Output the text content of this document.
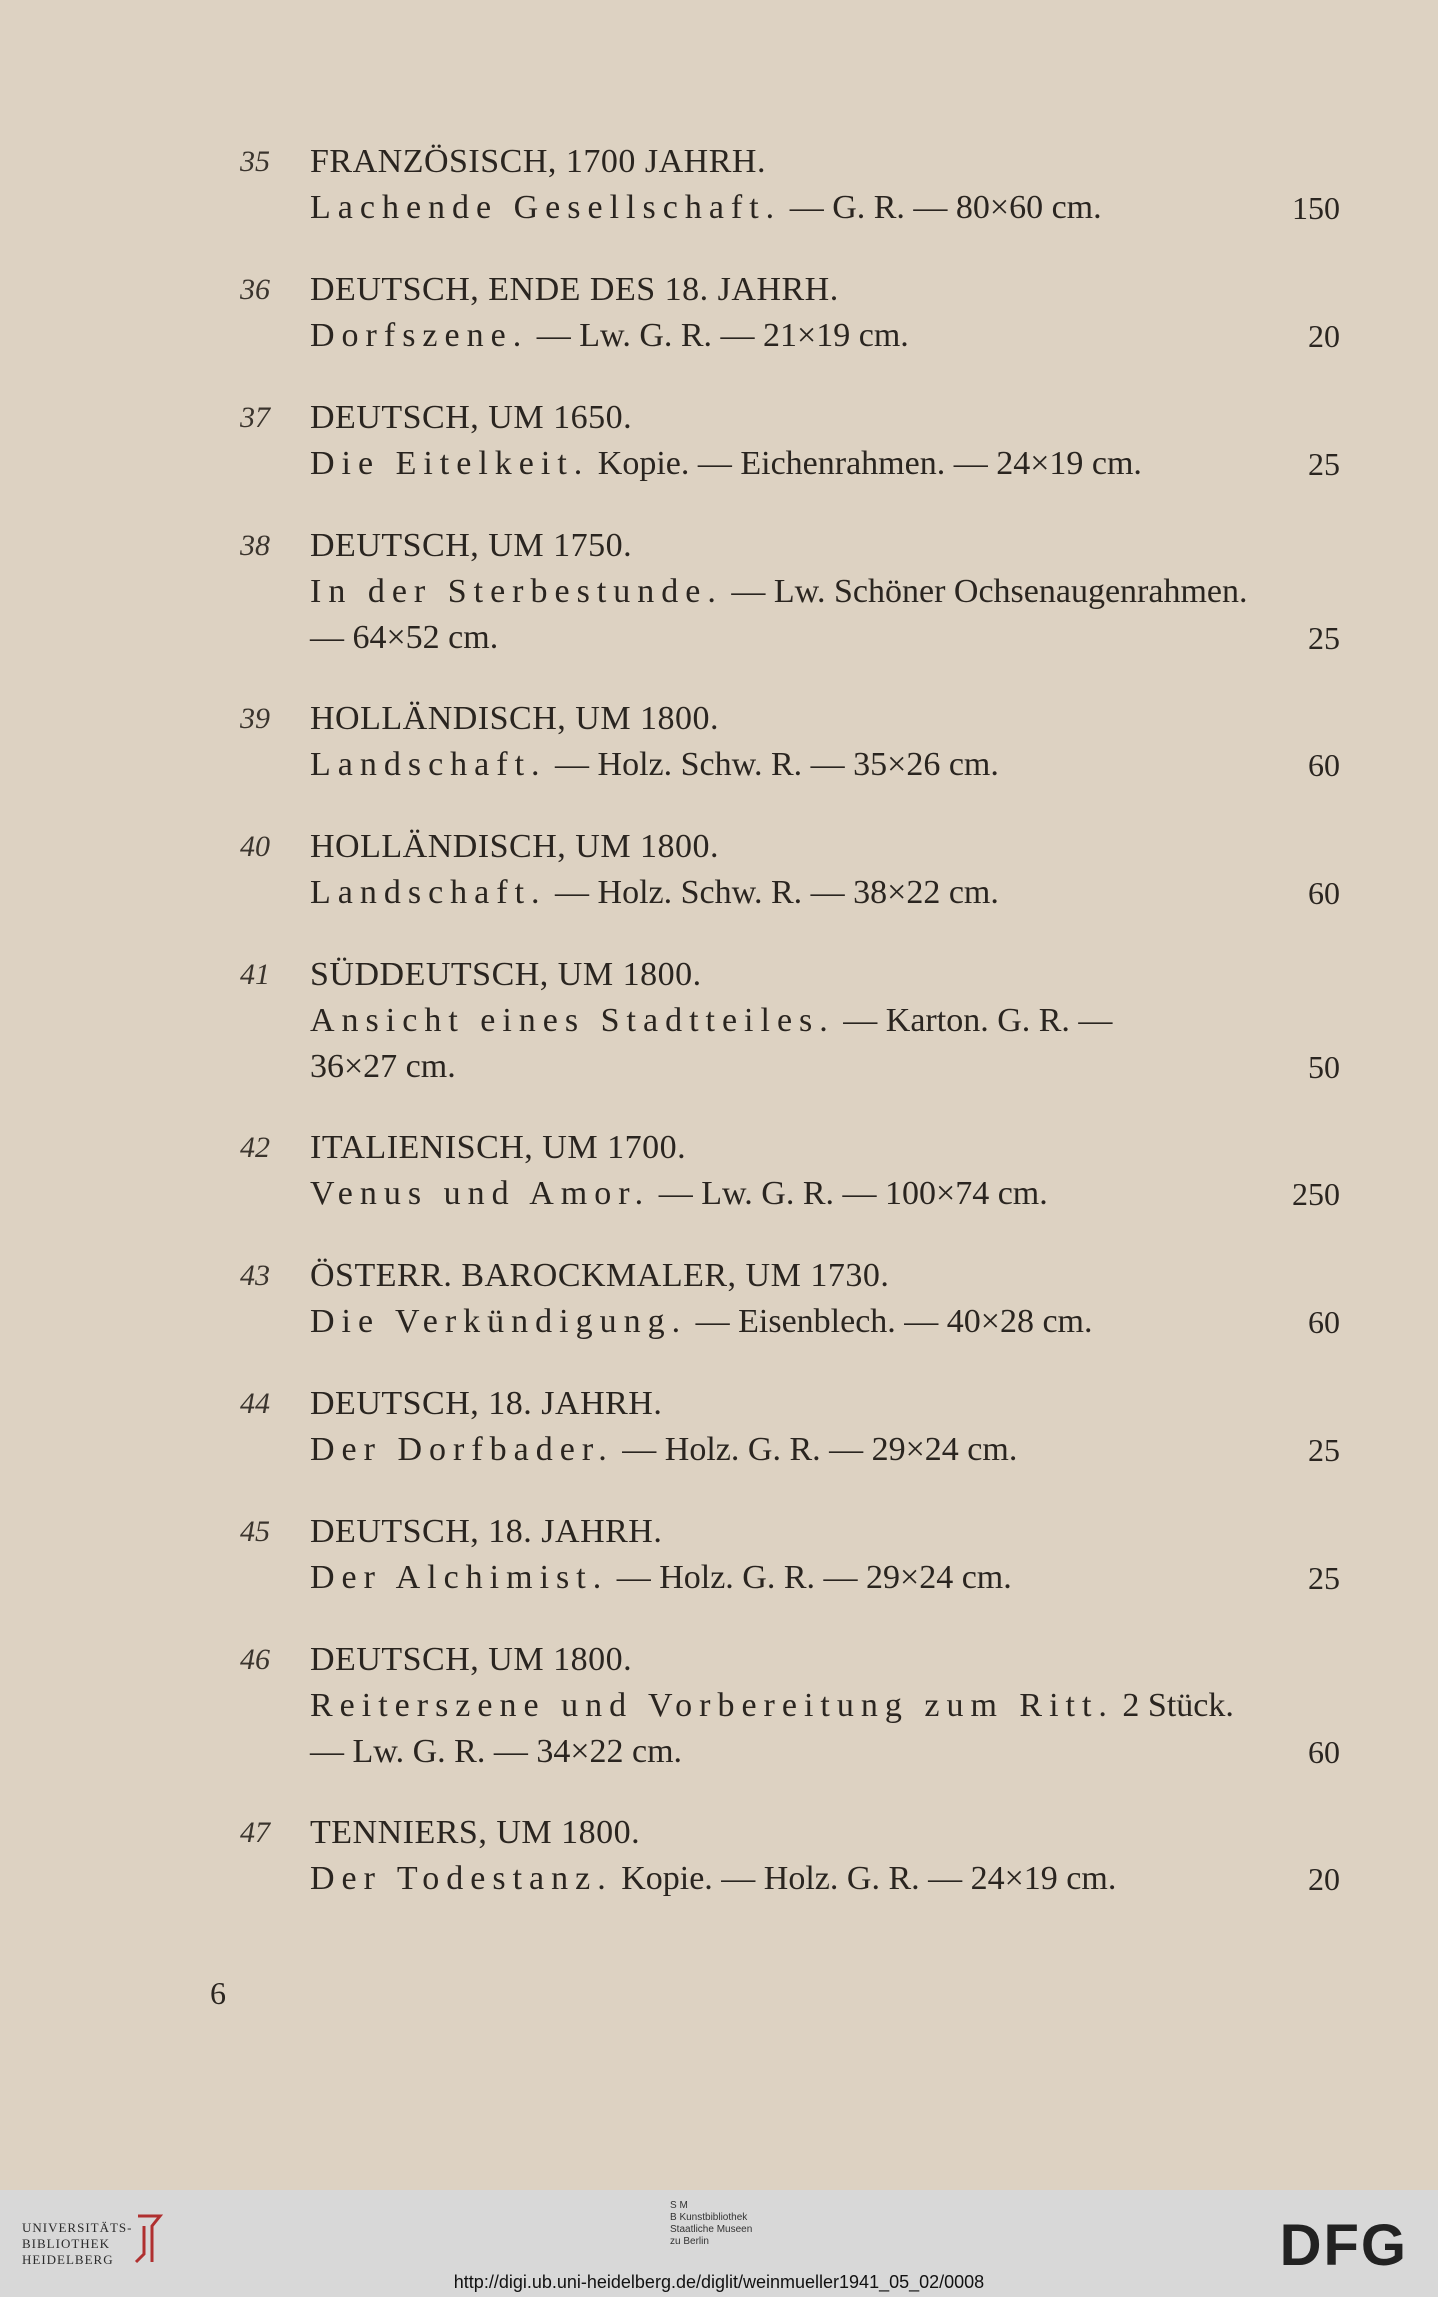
35	FRANZÖSISCH, 1700 JAHRH.
Lachende Gesellschaft. — G. R. — 80×60 cm.	150
36	DEUTSCH, ENDE DES 18. JAHRH.
Dorfszene. — Lw. G. R. — 21×19 cm.	20
37	DEUTSCH, UM 1650.
Die Eitelkeit. Kopie. — Eichenrahmen. — 24×19 cm.	25
38	DEUTSCH, UM 1750.
In der Sterbestunde. — Lw. Schöner Ochsenaugenrahmen.
— 64×52 cm.	25
39	HOLLÄNDISCH, UM 1800.
Landschaft. — Holz. Schw. R. — 35×26 cm.	60
40	HOLLÄNDISCH, UM 1800.
Landschaft. — Holz. Schw. R. — 38×22 cm.	60
41	SÜDDEUTSCH, UM 1800.
Ansicht eines Stadtteiles. — Karton. G. R. —
36×27 cm.	50
42	ITALIENISCH, UM 1700.
Venus und Amor. — Lw. G. R. — 100×74 cm.	250
43	ÖSTERR. BAROCKMALER, UM 1730.
Die Verkündigung. — Eisenblech. — 40×28 cm.	60
44	DEUTSCH, 18. JAHRH.
Der Dorfbader. — Holz. G. R. — 29×24 cm.	25
45	DEUTSCH, 18. JAHRH.
Der Alchimist. — Holz. G. R. — 29×24 cm.	25
46	DEUTSCH, UM 1800.
Reiterszene und Vorbereitung zum Ritt. 2 Stück.
— Lw. G. R. — 34×22 cm.	60
47	TENNIERS, UM 1800.
Der Todestanz. Kopie. — Holz. G. R. — 24×19 cm.	20
6
UNIVERSITÄTS-
BIBLIOTHEK
HEIDELBERG
S M
B Kunstbibliothek
Staatliche Museen
zu Berlin	DFG
http://digi.ub.uni-heidelberg.de/diglit/weinmueller1941_05_02/0008
